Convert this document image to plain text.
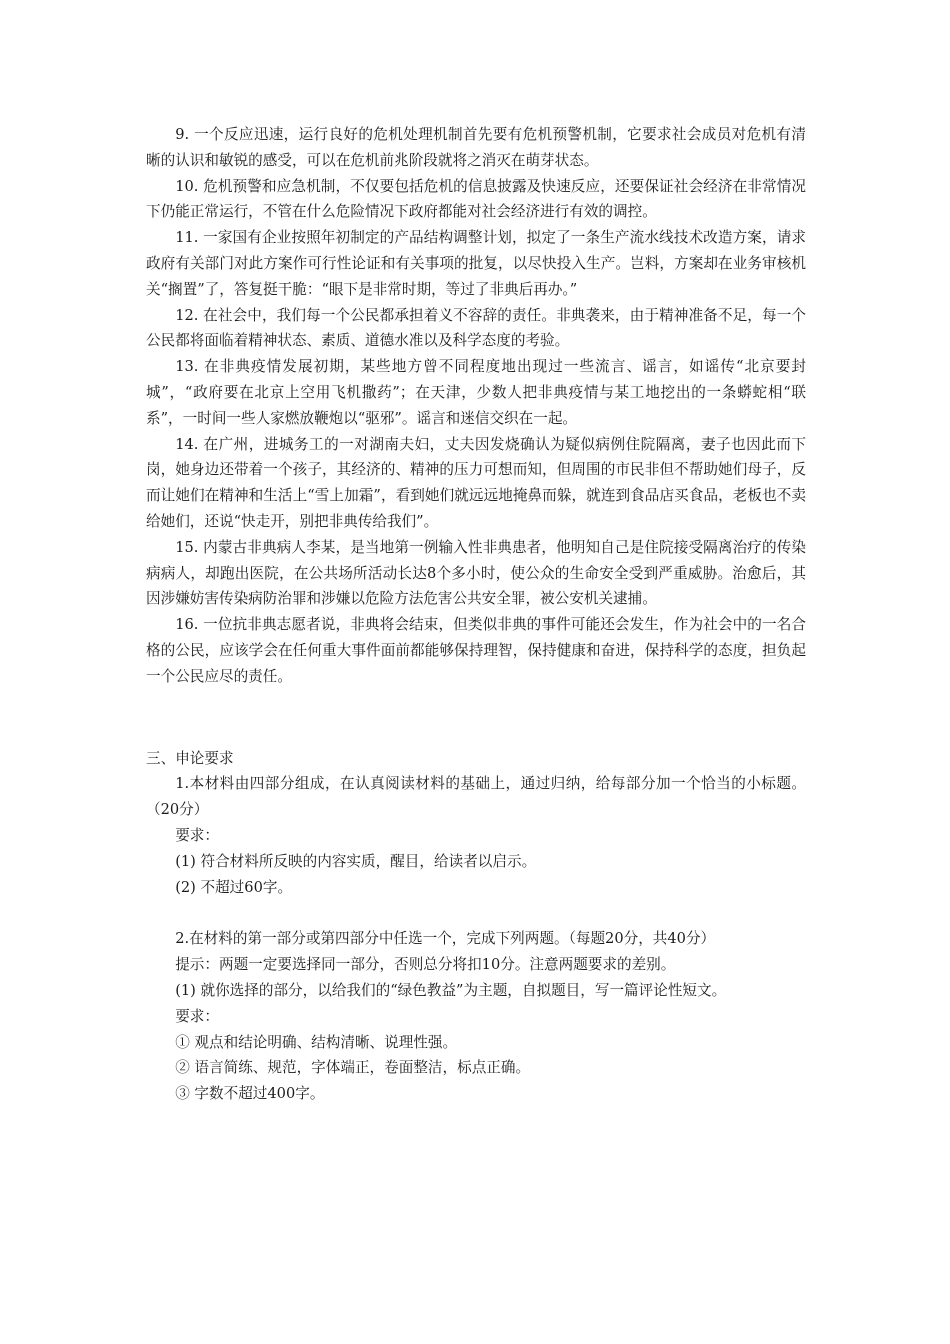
9. 一个反应迅速，运行良好的危机处理机制首先要有危机预警机制，它要求社会成员对危机有清晰的认识和敏锐的感受，可以在危机前兆阶段就将之消灭在萌芽状态。

10. 危机预警和应急机制，不仅要包括危机的信息披露及快速反应，还要保证社会经济在非常情况下仍能正常运行，不管在什么危险情况下政府都能对社会经济进行有效的调控。

11. 一家国有企业按照年初制定的产品结构调整计划，拟定了一条生产流水线技术改造方案，请求政府有关部门对此方案作可行性论证和有关事项的批复，以尽快投入生产。岂料，方案却在业务审核机关“搁置”了，答复挺干脆：“眼下是非常时期，等过了非典后再办。”

12. 在社会中，我们每一个公民都承担着义不容辞的责任。非典袭来，由于精神准备不足，每一个公民都将面临着精神状态、素质、道德水准以及科学态度的考验。

13. 在非典疫情发展初期，某些地方曾不同程度地出现过一些流言、谣言，如谣传“北京要封城”，“政府要在北京上空用飞机撒药”；在天津，少数人把非典疫情与某工地挖出的一条蟒蛇相“联系”，一时间一些人家燃放鞭炮以“驱邪”。谣言和迷信交织在一起。

14. 在广州，进城务工的一对湖南夫妇，丈夫因发烧确认为疑似病例住院隔离，妻子也因此而下岗，她身边还带着一个孩子，其经济的、精神的压力可想而知，但周围的市民非但不帮助她们母子，反而让她们在精神和生活上“雪上加霜”，看到她们就远远地掩鼻而躲，就连到食品店买食品，老板也不卖给她们，还说“快走开，别把非典传给我们”。

15. 内蒙古非典病人李某，是当地第一例输入性非典患者，他明知自己是住院接受隔离治疗的传染病病人，却跑出医院，在公共场所活动长达8个多小时，使公众的生命安全受到严重威胁。治愈后，其因涉嫌妨害传染病防治罪和涉嫌以危险方法危害公共安全罪，被公安机关逮捕。

16. 一位抗非典志愿者说，非典将会结束，但类似非典的事件可能还会发生，作为社会中的一名合格的公民，应该学会在任何重大事件面前都能够保持理智，保持健康和奋进，保持科学的态度，担负起一个公民应尽的责任。

三、申论要求

1.本材料由四部分组成，在认真阅读材料的基础上，通过归纳，给每部分加一个恰当的小标题。（20分）

要求：

(1) 符合材料所反映的内容实质，醒目，给读者以启示。

(2) 不超过60字。

2.在材料的第一部分或第四部分中任选一个，完成下列两题。（每题20分，共40分）

提示：两题一定要选择同一部分，否则总分将扣10分。注意两题要求的差别。

(1) 就你选择的部分，以给我们的“绿色教益”为主题，自拟题目，写一篇评论性短文。

要求：

① 观点和结论明确、结构清晰、说理性强。

② 语言简练、规范，字体端正，卷面整洁，标点正确。

③ 字数不超过400字。
